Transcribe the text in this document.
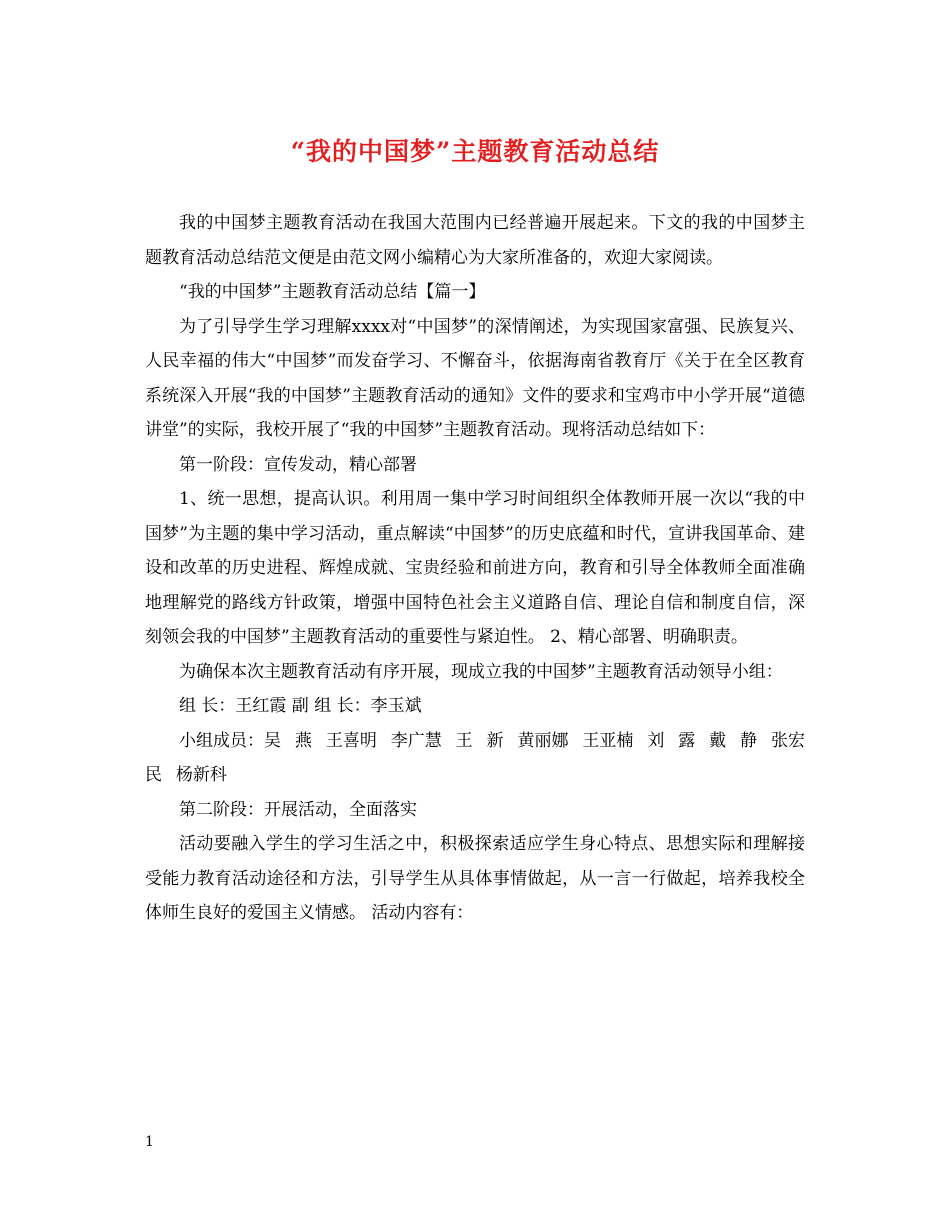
“我的中国梦”主题教育活动总结

我的中国梦主题教育活动在我国大范围内已经普遍开展起来。下文的我的中国梦主题教育活动总结范文便是由范文网小编精心为大家所准备的，欢迎大家阅读。

“我的中国梦”主题教育活动总结【篇一】

为了引导学生学习理解xxxx对“中国梦”的深情阐述，为实现国家富强、民族复兴、人民幸福的伟大“中国梦”而发奋学习、不懈奋斗，依据海南省教育厅《关于在全区教育系统深入开展“我的中国梦”主题教育活动的通知》文件的要求和宝鸡市中小学开展“道德讲堂”的实际，我校开展了“我的中国梦”主题教育活动。现将活动总结如下：

第一阶段：宣传发动，精心部署

1、统一思想，提高认识。利用周一集中学习时间组织全体教师开展一次以“我的中国梦”为主题的集中学习活动，重点解读“中国梦”的历史底蕴和时代，宣讲我国革命、建设和改革的历史进程、辉煌成就、宝贵经验和前进方向，教育和引导全体教师全面准确地理解党的路线方针政策，增强中国特色社会主义道路自信、理论自信和制度自信，深刻领会我的中国梦”主题教育活动的重要性与紧迫性。 2、精心部署、明确职责。

为确保本次主题教育活动有序开展，现成立我的中国梦”主题教育活动领导小组：

组 长：王红霞 副 组 长：李玉斌

小组成员：吴 燕 王喜明 李广慧 王 新 黄丽娜 王亚楠 刘 露 戴 静 张宏民 杨新科

第二阶段：开展活动，全面落实

活动要融入学生的学习生活之中，积极探索适应学生身心特点、思想实际和理解接受能力教育活动途径和方法，引导学生从具体事情做起，从一言一行做起，培养我校全体师生良好的爱国主义情感。 活动内容有：

1
